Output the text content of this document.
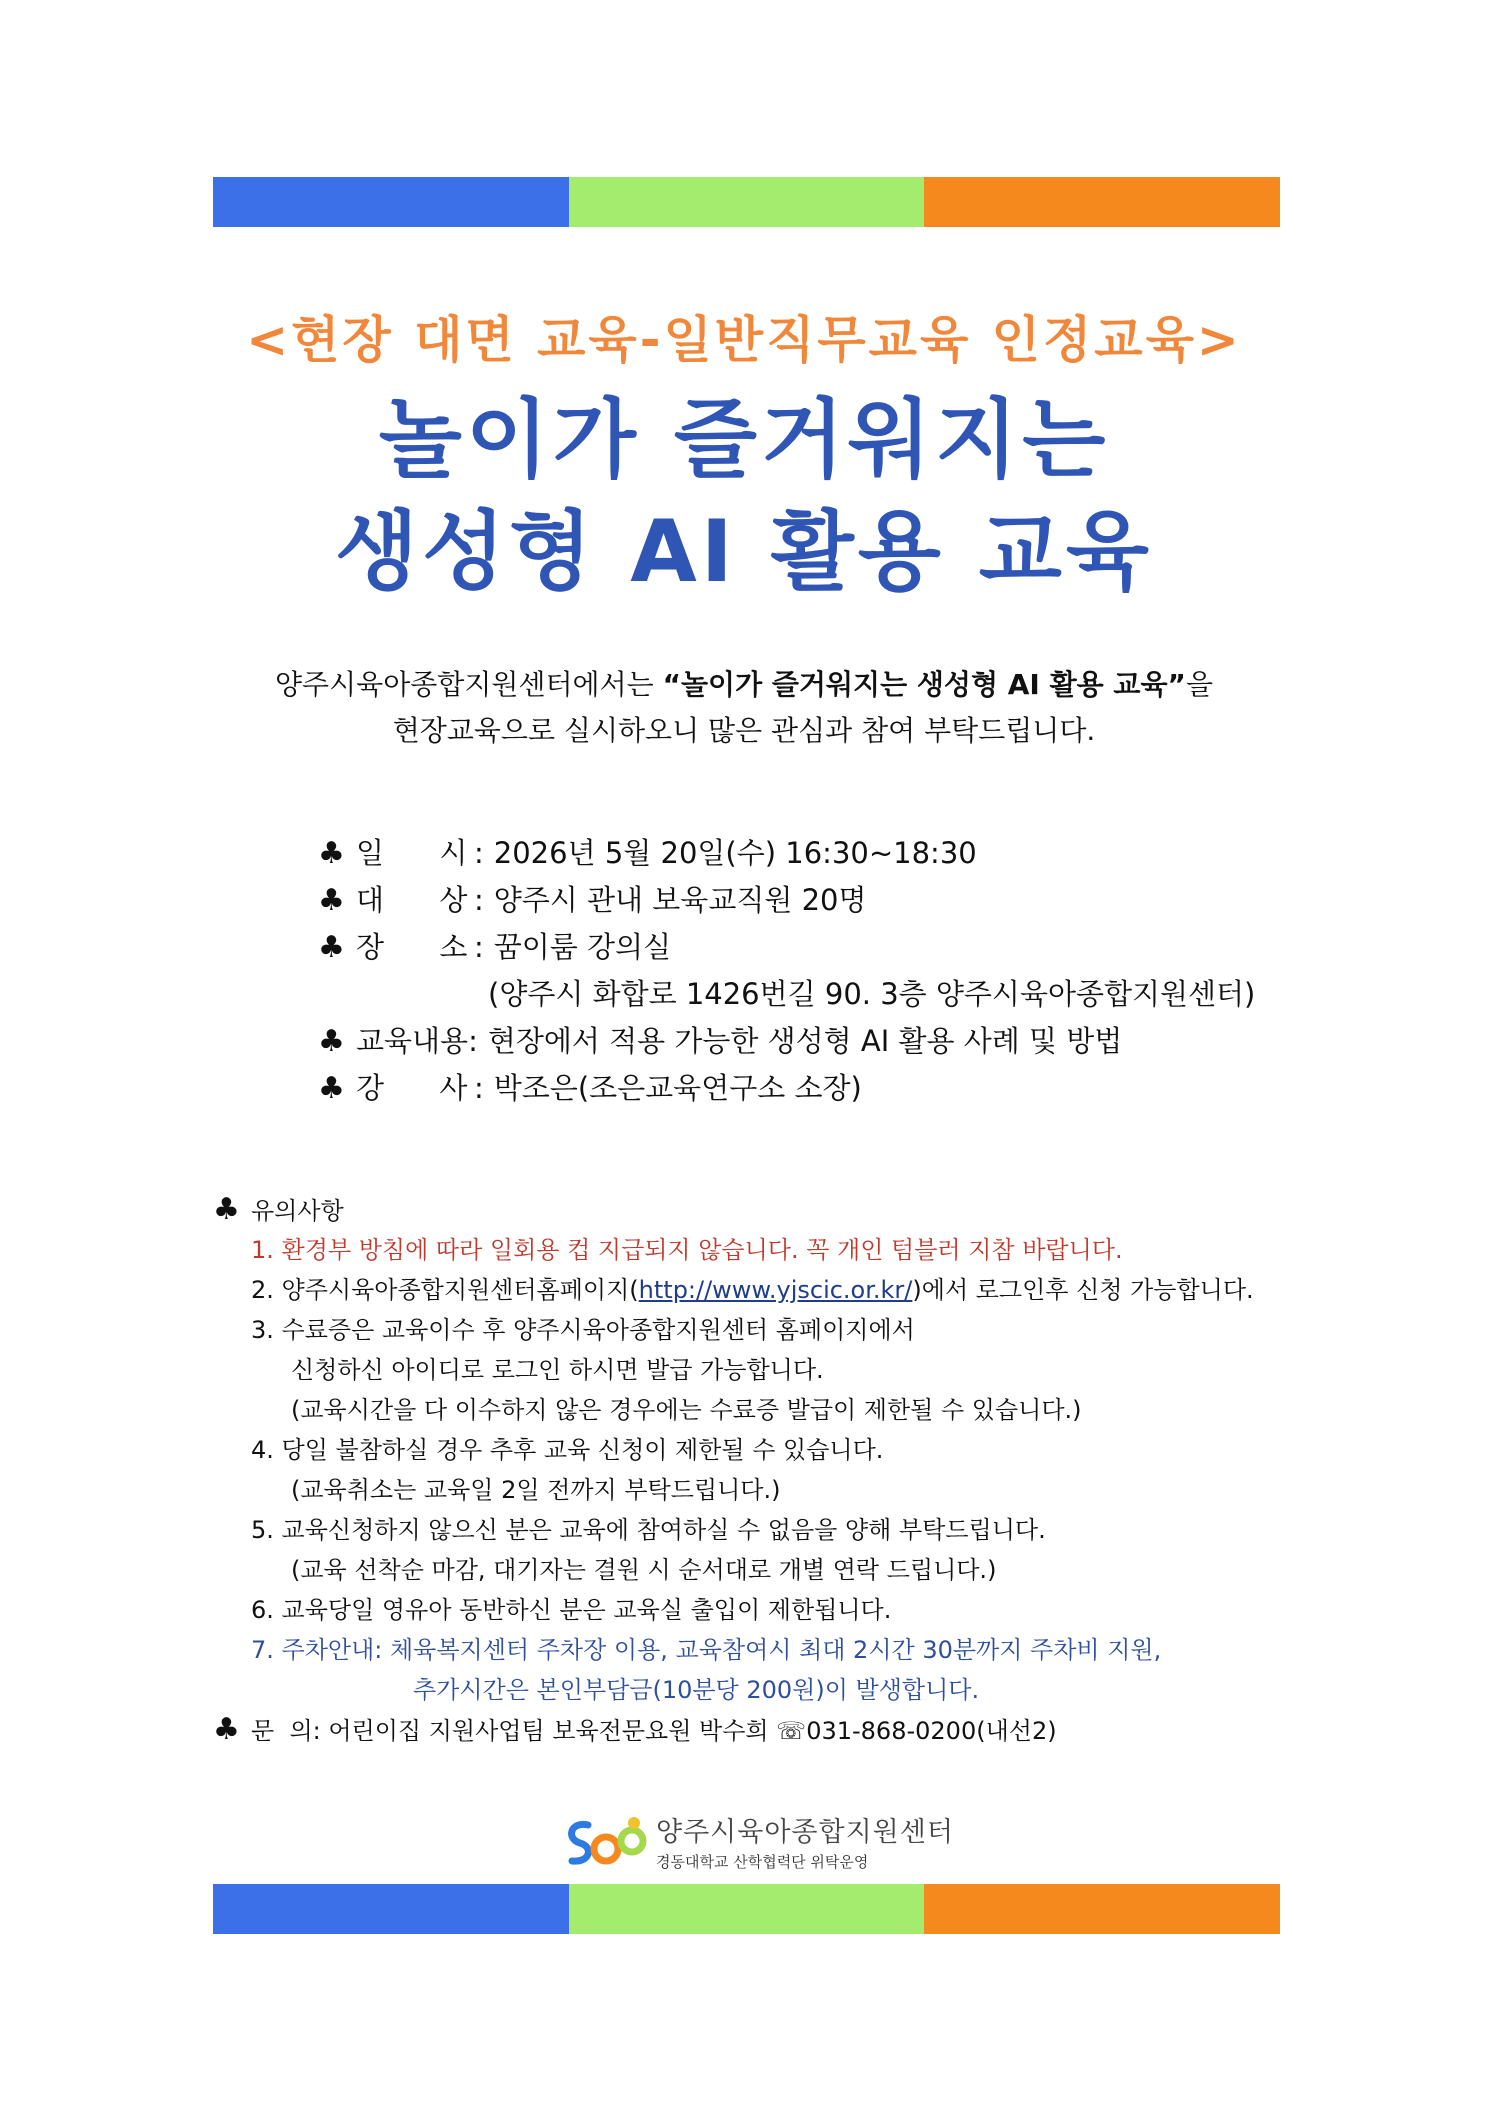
<현장 대면 교육-일반직무교육 인정교육>
놀이가 즐거워지는
생성형 AI 활용 교육
양주시육아종합지원센터에서는 “놀이가 즐거워지는 생성형 AI 활용 교육”을
현장교육으로 실시하오니 많은 관심과 참여 부탁드립니다.
♣ 일      시 : 2026년 5월 20일(수) 16:30~18:30
♣ 대      상 : 양주시 관내 보육교직원 20명
♣ 장      소 : 꿈이룸 강의실
(양주시 화합로 1426번길 90. 3층 양주시육아종합지원센터)
♣ 교육내용 : 현장에서 적용 가능한 생성형 AI 활용 사례 및 방법
♣ 강      사 : 박조은(조은교육연구소 소장)
♣ 유의사항
1. 환경부 방침에 따라 일회용 컵 지급되지 않습니다. 꼭 개인 텀블러 지참 바랍니다.
2. 양주시육아종합지원센터홈페이지(http://www.yjscic.or.kr/)에서 로그인후 신청 가능합니다.
3. 수료증은 교육이수 후 양주시육아종합지원센터 홈페이지에서
신청하신 아이디로 로그인 하시면 발급 가능합니다.
(교육시간을 다 이수하지 않은 경우에는 수료증 발급이 제한될 수 있습니다.)
4. 당일 불참하실 경우 추후 교육 신청이 제한될 수 있습니다.
(교육취소는 교육일 2일 전까지 부탁드립니다.)
5. 교육신청하지 않으신 분은 교육에 참여하실 수 없음을 양해 부탁드립니다.
(교육 선착순 마감, 대기자는 결원 시 순서대로 개별 연락 드립니다.)
6. 교육당일 영유아 동반하신 분은 교육실 출입이 제한됩니다.
7. 주차안내: 체육복지센터 주차장 이용, 교육참여시 최대 2시간 30분까지 주차비 지원,
추가시간은 본인부담금(10분당 200원)이 발생합니다.
♣ 문  의: 어린이집 지원사업팀 보육전문요원 박수희 ☏031-868-0200(내선2)
양주시육아종합지원센터
경동대학교 산학협력단 위탁운영
